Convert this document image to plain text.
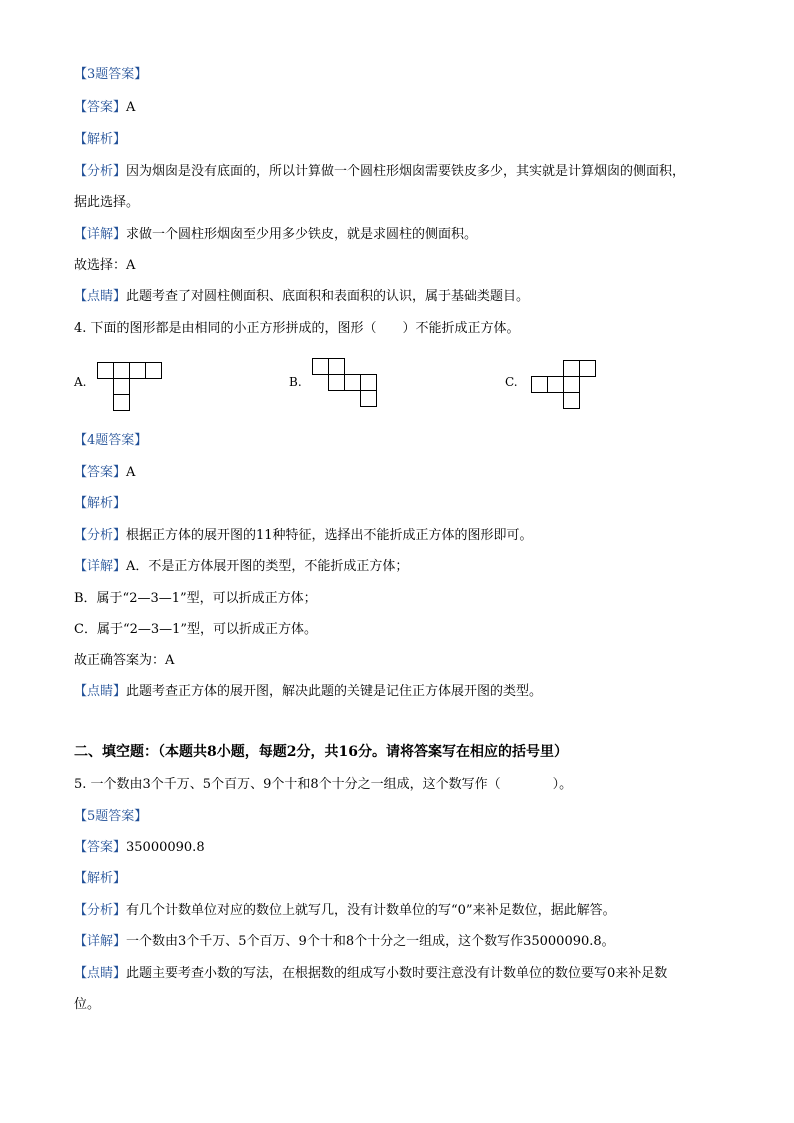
【3题答案】
【答案】A
【解析】
【分析】因为烟囱是没有底面的，所以计算做一个圆柱形烟囱需要铁皮多少，其实就是计算烟囱的侧面积，
据此选择。
【详解】求做一个圆柱形烟囱至少用多少铁皮，就是求圆柱的侧面积。
故选择：A
【点睛】此题考查了对圆柱侧面积、底面积和表面积的认识，属于基础类题目。
4. 下面的图形都是由相同的小正方形拼成的，图形（　　）不能折成正方体。
A.	B.	C.
【4题答案】
【答案】A
【解析】
【分析】根据正方体的展开图的11种特征，选择出不能折成正方体的图形即可。
【详解】A．不是正方体展开图的类型，不能折成正方体；
B．属于“2—3—1”型，可以折成正方体；
C．属于“2—3—1”型，可以折成正方体。
故正确答案为：A
【点睛】此题考查正方体的展开图，解决此题的关键是记住正方体展开图的类型。
二、填空题：（本题共8小题，每题2分，共16分。请将答案写在相应的括号里）
5. 一个数由3个千万、5个百万、9个十和8个十分之一组成，这个数写作（　　　　）。
【5题答案】
【答案】35000090.8
【解析】
【分析】有几个计数单位对应的数位上就写几，没有计数单位的写“0”来补足数位，据此解答。
【详解】一个数由3个千万、5个百万、9个十和8个十分之一组成，这个数写作35000090.8。
【点睛】此题主要考查小数的写法，在根据数的组成写小数时要注意没有计数单位的数位要写0来补足数
位。
